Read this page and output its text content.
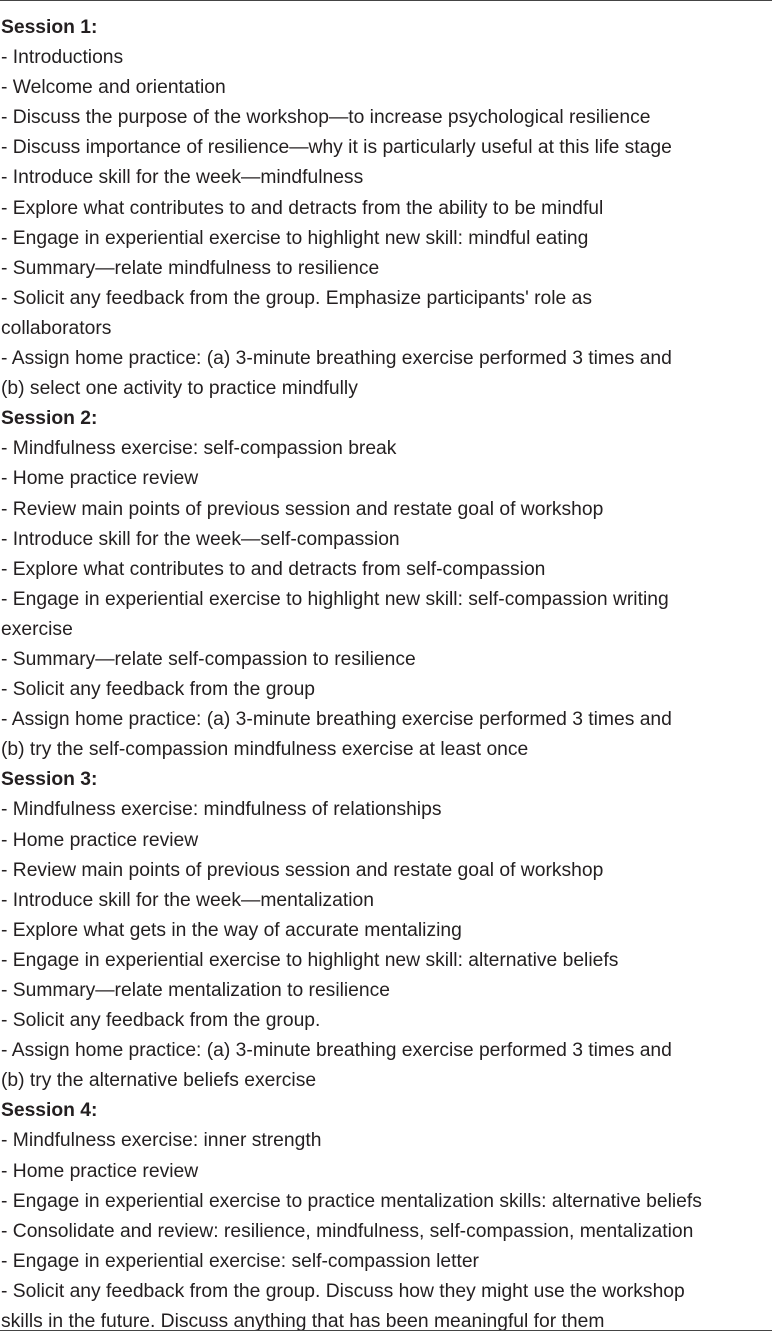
Session 1:
- Introductions
- Welcome and orientation
- Discuss the purpose of the workshop—to increase psychological resilience
- Discuss importance of resilience—why it is particularly useful at this life stage
- Introduce skill for the week—mindfulness
- Explore what contributes to and detracts from the ability to be mindful
- Engage in experiential exercise to highlight new skill: mindful eating
- Summary—relate mindfulness to resilience
- Solicit any feedback from the group. Emphasize participants' role as
collaborators
- Assign home practice: (a) 3-minute breathing exercise performed 3 times and
(b) select one activity to practice mindfully
Session 2:
- Mindfulness exercise: self-compassion break
- Home practice review
- Review main points of previous session and restate goal of workshop
- Introduce skill for the week—self-compassion
- Explore what contributes to and detracts from self-compassion
- Engage in experiential exercise to highlight new skill: self-compassion writing
exercise
- Summary—relate self-compassion to resilience
- Solicit any feedback from the group
- Assign home practice: (a) 3-minute breathing exercise performed 3 times and
(b) try the self-compassion mindfulness exercise at least once
Session 3:
- Mindfulness exercise: mindfulness of relationships
- Home practice review
- Review main points of previous session and restate goal of workshop
- Introduce skill for the week—mentalization
- Explore what gets in the way of accurate mentalizing
- Engage in experiential exercise to highlight new skill: alternative beliefs
- Summary—relate mentalization to resilience
- Solicit any feedback from the group.
- Assign home practice: (a) 3-minute breathing exercise performed 3 times and
(b) try the alternative beliefs exercise
Session 4:
- Mindfulness exercise: inner strength
- Home practice review
- Engage in experiential exercise to practice mentalization skills: alternative beliefs
- Consolidate and review: resilience, mindfulness, self-compassion, mentalization
- Engage in experiential exercise: self-compassion letter
- Solicit any feedback from the group. Discuss how they might use the workshop
skills in the future. Discuss anything that has been meaningful for them
